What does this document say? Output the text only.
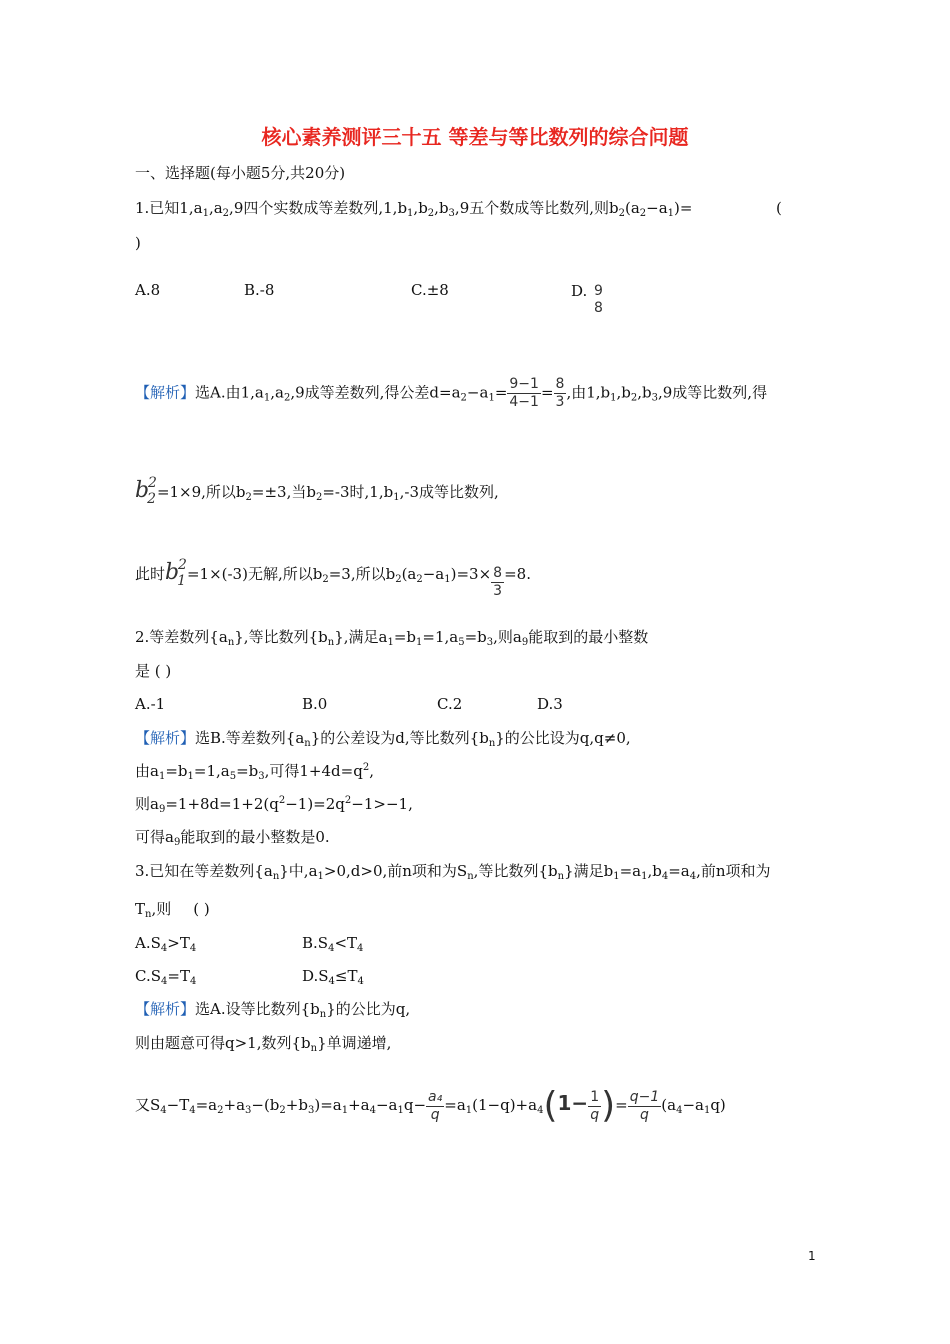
核心素养测评三十五 等差与等比数列的综合问题
一、选择题(每小题5分,共20分)
1.已知$1,a_1,a_2,9$四个实数成等差数列$,1,b_1,b_2,b_3,9$五个数成等比数列,则$b_2(a_2-a_1)=$	(
)
A.8	B.-8	C.±8	D. 9
8
【解析】选A.由$1,a_1,a_2,9$成等差数列,得公差$d=a_2-a_1= \frac{9-1}{4-1} = \frac{8}{3}$ ,由$1,b_1,b_2,b_3,9$成等比数列,得
$b_2^2=1\times 9$,所以$b_2=\pm 3$,当$b_2=-3$时$,1,b_1,-3$成等比数列,
此时$b_1^2=1\times(-3)$无解,所以$b_2=3$,所以$b_2(a_2-a_1)=3\times \frac{8}{3} =8$.
2.等差数列$\{a_n\}$,等比数列$\{b_n\}$,满足$a_1=b_1=1,a_5=b_3$,则$a_9$能取到的最小整数
是 ( )
A.-1	B.0	C.2	D.3
【解析】选B.等差数列$\{a_n\}$的公差设为d,等比数列$\{b_n\}$的公比设为q,q≠0,
由$a_1=b_1=1,a_5=b_3$,可得$1+4d=q^2$,
则$a_9=1+8d=1+2(q^2-1)=2q^2-1>-1$,
可得$a_9$能取到的最小整数是0.
3.已知在等差数列$\{a_n\}$中$,a_1>0,d>0$,前n项和为$S_n$,等比数列$\{b_n\}$满足$b_1=a_1,b_4=a_4$,前n项和为
$T_n$,则 ( )
$A.S_4>T_4$	$B.S_4<T_4$
$C.S_4=T_4$	$D.S_4\le T_4$
【解析】选A.设等比数列$\{b_n\}$的公比为q,
则由题意可得q>1,数列$\{b_n\}$单调递增,
又$S_4-T_4=a_2+a_3-(b_2+b_3)=a_1+a_4-a_1q- \frac{\text{a₄}}{q} =a_1(1-q)+a_4(1- \frac{1}{q}$ )= $\frac{q-1}{q} (a_4-a_1q)$
1
